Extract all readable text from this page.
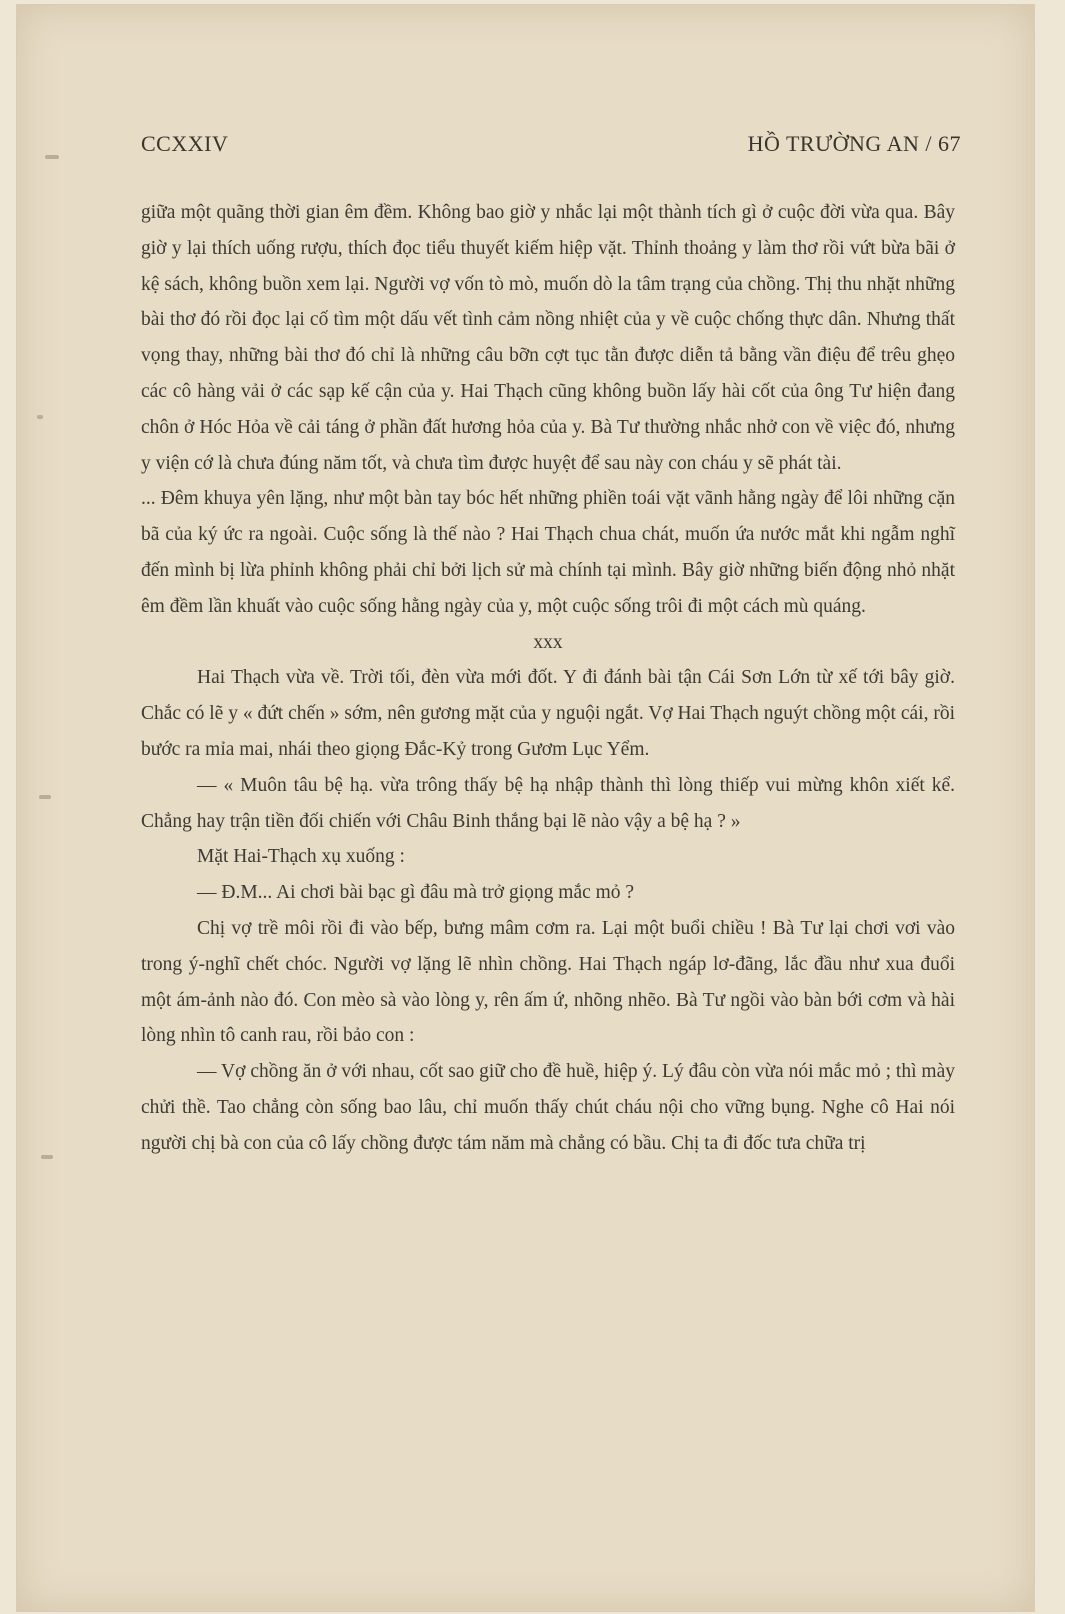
CCXXIV	HỒ TRƯỜNG AN / 67

giữa một quãng thời gian êm đềm. Không bao giờ y nhắc lại một thành tích gì ở cuộc đời vừa qua. Bây giờ y lại thích uống rượu, thích đọc tiểu thuyết kiếm hiệp vặt. Thỉnh thoảng y làm thơ rồi vứt bừa bãi ở kệ sách, không buồn xem lại. Người vợ vốn tò mò, muốn dò la tâm trạng của chồng. Thị thu nhặt những bài thơ đó rồi đọc lại cố tìm một dấu vết tình cảm nồng nhiệt của y về cuộc chống thực dân. Nhưng thất vọng thay, những bài thơ đó chỉ là những câu bỡn cợt tục tằn được diễn tả bằng vần điệu để trêu ghẹo các cô hàng vải ở các sạp kế cận của y. Hai Thạch cũng không buồn lấy hài cốt của ông Tư hiện đang chôn ở Hóc Hỏa về cải táng ở phần đất hương hỏa của y. Bà Tư thường nhắc nhở con về việc đó, nhưng y viện cớ là chưa đúng năm tốt, và chưa tìm được huyệt để sau này con cháu y sẽ phát tài.

... Đêm khuya yên lặng, như một bàn tay bóc hết những phiền toái vặt vãnh hằng ngày để lôi những cặn bã của ký ức ra ngoài. Cuộc sống là thế nào ? Hai Thạch chua chát, muốn ứa nước mắt khi ngẫm nghĩ đến mình bị lừa phỉnh không phải chỉ bởi lịch sử mà chính tại mình. Bây giờ những biến động nhỏ nhặt êm đềm lần khuất vào cuộc sống hằng ngày của y, một cuộc sống trôi đi một cách mù quáng.

xxx

Hai Thạch vừa về. Trời tối, đèn vừa mới đốt. Y đi đánh bài tận Cái Sơn Lớn từ xế tới bây giờ. Chắc có lẽ y « đứt chến » sớm, nên gương mặt của y nguội ngắt. Vợ Hai Thạch nguýt chồng một cái, rồi bước ra mỉa mai, nhái theo giọng Đắc-Kỷ trong Gươm Lục Yểm.

— « Muôn tâu bệ hạ. vừa trông thấy bệ hạ nhập thành thì lòng thiếp vui mừng khôn xiết kể. Chẳng hay trận tiền đối chiến với Châu Binh thắng bại lẽ nào vậy a bệ hạ ? »

Mặt Hai-Thạch xụ xuống :

— Đ.M... Ai chơi bài bạc gì đâu mà trở giọng mắc mỏ ?

Chị vợ trề môi rồi đi vào bếp, bưng mâm cơm ra. Lại một buổi chiều ! Bà Tư lại chơi vơi vào trong ý-nghĩ chết chóc. Người vợ lặng lẽ nhìn chồng. Hai Thạch ngáp lơ-đãng, lắc đầu như xua đuổi một ám-ảnh nào đó. Con mèo sà vào lòng y, rên ấm ứ, nhõng nhẽo. Bà Tư ngồi vào bàn bới cơm và hài lòng nhìn tô canh rau, rồi bảo con :

— Vợ chồng ăn ở với nhau, cốt sao giữ cho đề huề, hiệp ý. Lý đâu còn vừa nói mắc mỏ ; thì mày chửi thề. Tao chẳng còn sống bao lâu, chỉ muốn thấy chút cháu nội cho vững bụng. Nghe cô Hai nói người chị bà con của cô lấy chồng được tám năm mà chẳng có bầu. Chị ta đi đốc tưa chữa trị
